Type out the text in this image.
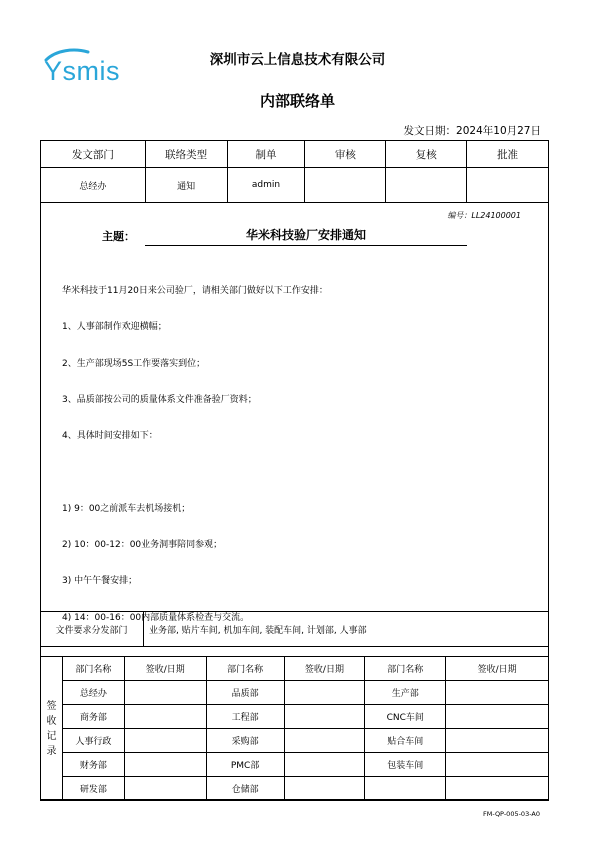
Ysmis	深圳市云上信息技术有限公司
内部联络单
发文日期：2024年10月27日
发文部门	联络类型	制单	审核	复核	批准
总经办	通知	admin			
编号：LL24100001
主题：	华米科技验厂安排通知

华米科技于11月20日来公司验厂，请相关部门做好以下工作安排：

1、人事部制作欢迎横幅；

2、生产部现场5S工作要落实到位；

3、品质部按公司的质量体系文件准备验厂资料；

4、具体时间安排如下：

1) 9：00之前派车去机场接机；

2) 10：00-12：00业务洞事陪同参观；

3) 中午午餐安排；

4) 14：00-16：00内部质量体系检查与交流。

文件要求分发部门	业务部, 贴片车间, 机加车间, 装配车间, 计划部, 人事部
签
收
记
录	部门名称	签收/日期	部门名称	签收/日期	部门名称	签收/日期
	总经办		品质部		生产部	
	商务部		工程部		CNC车间	
	人事行政		采购部		贴合车间	
	财务部		PMC部		包装车间	
	研发部		仓储部			
FM-QP-005-03-A0
